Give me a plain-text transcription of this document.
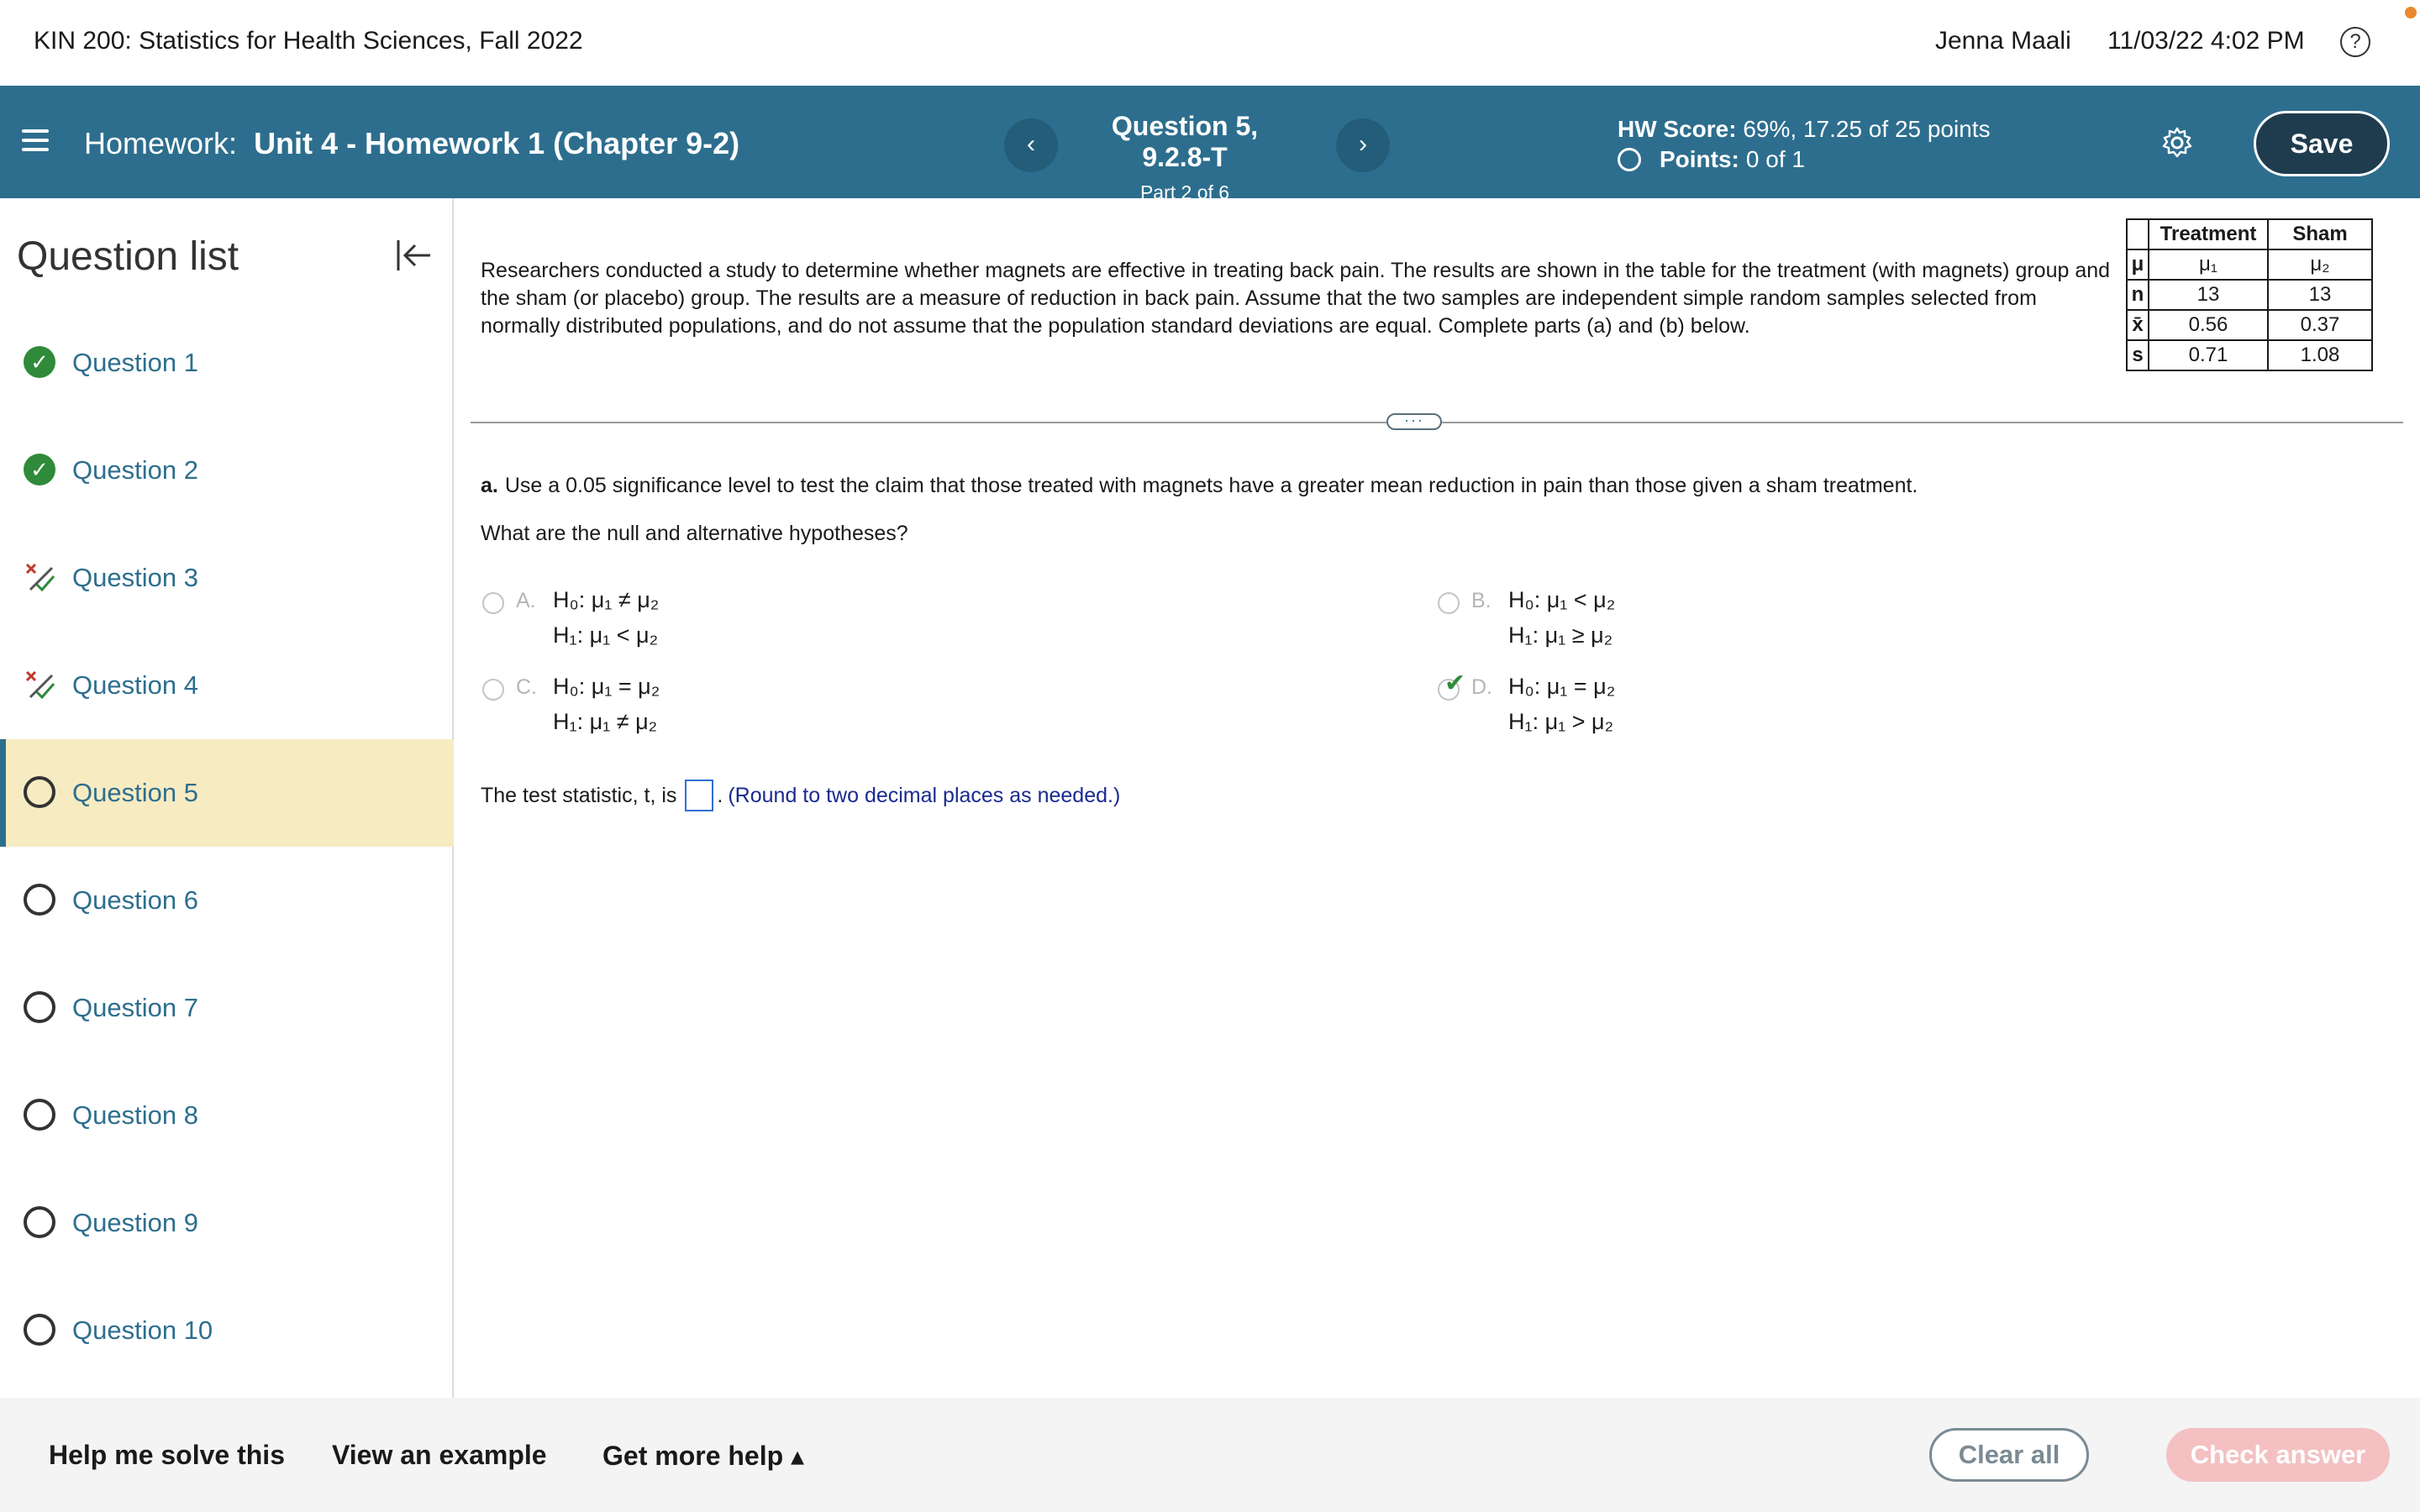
KIN 200: Statistics for Health Sciences, Fall 2022	Jenna Maali 11/03/22 4:02 PM	?
Homework: Unit 4 - Homework 1 (Chapter 9-2)	‹
Question 5, 9.2.8-T
Part 2 of 6
›
HW Score: 69%, 17.25 of 25 points
Points: 0 of 1
Save
Question list
✓ Question 1
✓ Question 2
Question 3
Question 4
Question 5
Question 6
Question 7
Question 8
Question 9
Question 10
Researchers conducted a study to determine whether magnets are effective in treating back pain. The results are shown in the table for the treatment (with magnets) group and the sham (or placebo) group. The results are a measure of reduction in back pain. Assume that the two samples are independent simple random samples selected from normally distributed populations, and do not assume that the population standard deviations are equal. Complete parts (a) and (b) below.
	Treatment	Sham
μ	μ₁	μ₂
n	13	13
x̄	0.56	0.37
s	0.71	1.08
···
a. Use a 0.05 significance level to test the claim that those treated with magnets have a greater mean reduction in pain than those given a sham treatment.
What are the null and alternative hypotheses?
A. H₀: μ₁ ≠ μ₂
H₁: μ₁ < μ₂
B. H₀: μ₁ < μ₂
H₁: μ₁ ≥ μ₂
C. H₀: μ₁ = μ₂
H₁: μ₁ ≠ μ₂
✔ D. H₀: μ₁ = μ₂
H₁: μ₁ > μ₂
The test statistic, t, is . (Round to two decimal places as needed.)
Help me solve this View an example Get more help ▴	Clear all	Check answer
